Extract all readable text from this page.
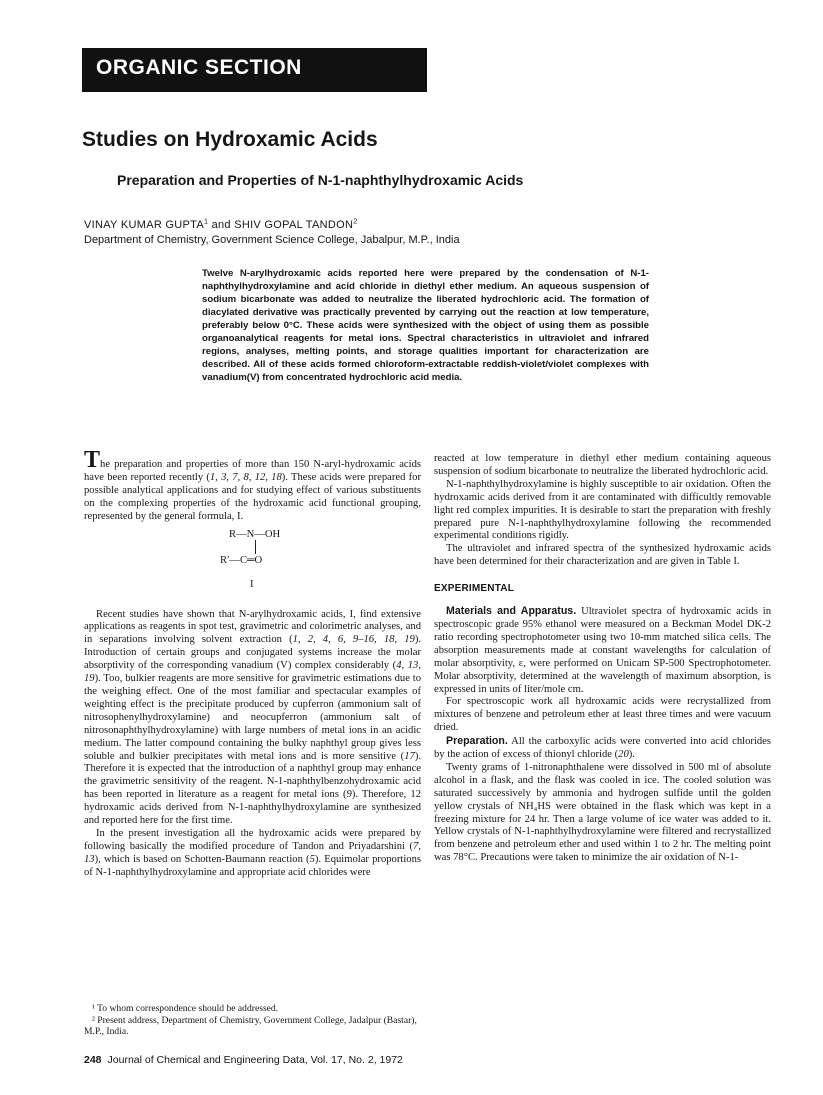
ORGANIC SECTION
Studies on Hydroxamic Acids
Preparation and Properties of N-1-naphthylhydroxamic Acids
VINAY KUMAR GUPTA$^1$ and SHIV GOPAL TANDON$^2$
Department of Chemistry, Government Science College, Jabalpur, M.P., India
Twelve N-arylhydroxamic acids reported here were prepared by the condensation of N-1-naphthylhydroxylamine and acid chloride in diethyl ether medium. An aqueous suspension of sodium bicarbonate was added to neutralize the liberated hydrochloric acid. The formation of diacylated derivative was practically prevented by carrying out the reaction at low temperature, preferably below 0°C. These acids were synthesized with the object of using them as possible organoanalytical reagents for metal ions. Spectral characteristics in ultraviolet and infrared regions, analyses, melting points, and storage qualities important for characterization are described. All of these acids formed chloroform-extractable reddish-violet/violet complexes with vanadium(V) from concentrated hydrochloric acid media.

The preparation and properties of more than 150 N-aryl-hydroxamic acids have been reported recently (1, 3, 7, 8, 12, 18). These acids were prepared for possible analytical applications and for studying effect of various substituents on the complexing properties of the hydroxamic acid functional grouping, represented by the general formula, I.

R—N—OH
R′—C═O
I

Recent studies have shown that N-arylhydroxamic acids, I, find extensive applications as reagents in spot test, gravimetric and colorimetric analyses, and in separations involving solvent extraction (1, 2, 4, 6, 9–16, 18, 19). Introduction of certain groups and conjugated systems increase the molar absorptivity of the corresponding vanadium (V) complex considerably (4, 13, 19). Too, bulkier reagents are more sensitive for gravimetric estimations due to the weighing effect. One of the most familiar and spectacular examples of weighting effect is the precipitate produced by cupferron (ammonium salt of nitrosophenylhydroxylamine) and neocupferron (ammonium salt of nitrosonaphthylhydroxylamine) with large numbers of metal ions in an acidic medium. The latter compound containing the bulky naphthyl group gives less soluble and bulkier precipitates with metal ions and is more sensitive (17). Therefore it is expected that the introduction of a naphthyl group may enhance the gravimetric sensitivity of the reagent. N-1-naphthylbenzohydroxamic acid has been reported in literature as a reagent for metal ions (9). Therefore, 12 hydroxamic acids derived from N-1-naphthylhydroxylamine are synthesized and reported here for the first time.

In the present investigation all the hydroxamic acids were prepared by following basically the modified procedure of Tandon and Priyadarshini (7, 13), which is based on Schotten-Baumann reaction (5). Equimolar proportions of N-1-naphthylhydroxylamine and appropriate acid chlorides were

reacted at low temperature in diethyl ether medium containing aqueous suspension of sodium bicarbonate to neutralize the liberated hydrochloric acid.

N-1-naphthylhydroxylamine is highly susceptible to air oxidation. Often the hydroxamic acids derived from it are contaminated with difficultly removable light red complex impurities. It is desirable to start the preparation with freshly prepared pure N-1-naphthylhydroxylamine following the recommended experimental conditions rigidly.

The ultraviolet and infrared spectra of the synthesized hydroxamic acids have been determined for their characterization and are given in Table I.

EXPERIMENTAL

Materials and Apparatus. Ultraviolet spectra of hydroxamic acids in spectroscopic grade 95% ethanol were measured on a Beckman Model DK-2 ratio recording spectrophotometer using two 10-mm matched silica cells. The absorption measurements made at constant wavelengths for calculation of molar absorptivity, ε, were performed on Unicam SP-500 Spectrophotometer. Molar absorptivity, determined at the wavelength of maximum absorption, is expressed in units of liter/mole cm.

For spectroscopic work all hydroxamic acids were recrystallized from mixtures of benzene and petroleum ether at least three times and were vacuum dried.

Preparation. All the carboxylic acids were converted into acid chlorides by the action of excess of thionyl chloride (20).

Twenty grams of 1-nitronaphthalene were dissolved in 500 ml of absolute alcohol in a flask, and the flask was cooled in ice. The cooled solution was saturated successively by ammonia and hydrogen sulfide until the golden yellow crystals of NH₄HS were obtained in the flask which was kept in a freezing mixture for 24 hr. Then a large volume of ice water was added to it. Yellow crystals of N-1-naphthylhydroxylamine were filtered and recrystallized from benzene and petroleum ether and used within 1 to 2 hr. The melting point was 78°C. Precautions were taken to minimize the air oxidation of N-1-

¹ To whom correspondence should be addressed.

² Present address, Department of Chemistry, Government College, Jadalpur (Bastar), M.P., India.

248 Journal of Chemical and Engineering Data, Vol. 17, No. 2, 1972
